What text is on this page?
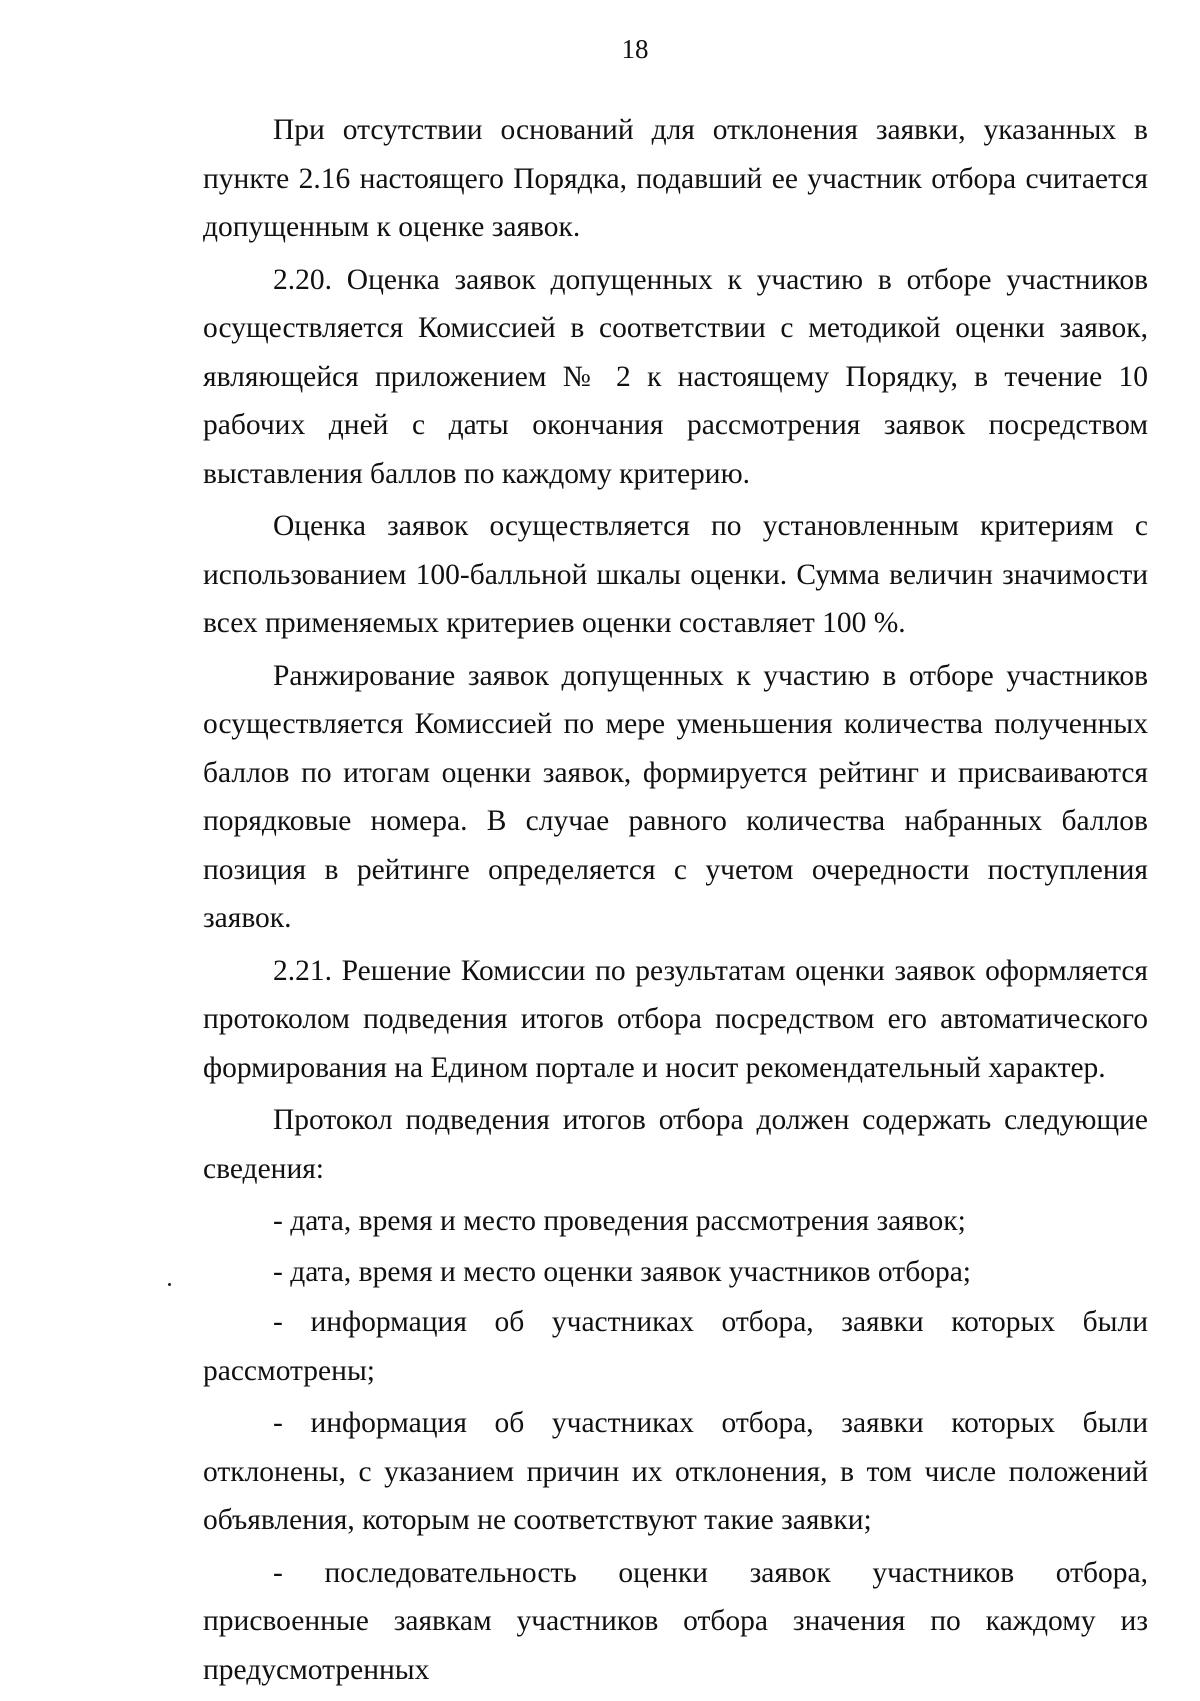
18

При отсутствии оснований для отклонения заявки, указанных в пункте 2.16 настоящего Порядка, подавший ее участник отбора считается допущенным к оценке заявок.

2.20. Оценка заявок допущенных к участию в отборе участников осуществляется Комиссией в соответствии с методикой оценки заявок, являющейся приложением № 2 к настоящему Порядку, в течение 10 рабочих дней с даты окончания рассмотрения заявок посредством выставления баллов по каждому критерию.

Оценка заявок осуществляется по установленным критериям с использованием 100-балльной шкалы оценки. Сумма величин значимости всех применяемых критериев оценки составляет 100 %.

Ранжирование заявок допущенных к участию в отборе участников осуществляется Комиссией по мере уменьшения количества полученных баллов по итогам оценки заявок, формируется рейтинг и присваиваются порядковые номера. В случае равного количества набранных баллов позиция в рейтинге определяется с учетом очередности поступления заявок.

2.21. Решение Комиссии по результатам оценки заявок оформляется протоколом подведения итогов отбора посредством его автоматического формирования на Едином портале и носит рекомендательный характер.

Протокол подведения итогов отбора должен содержать следующие сведения:

- дата, время и место проведения рассмотрения заявок;

- дата, время и место оценки заявок участников отбора;

- информация об участниках отбора, заявки которых были рассмотрены;

- информация об участниках отбора, заявки которых были отклонены, с указанием причин их отклонения, в том числе положений объявления, которым не соответствуют такие заявки;

- последовательность оценки заявок участников отбора, присвоенные заявкам участников отбора значения по каждому из предусмотренных
